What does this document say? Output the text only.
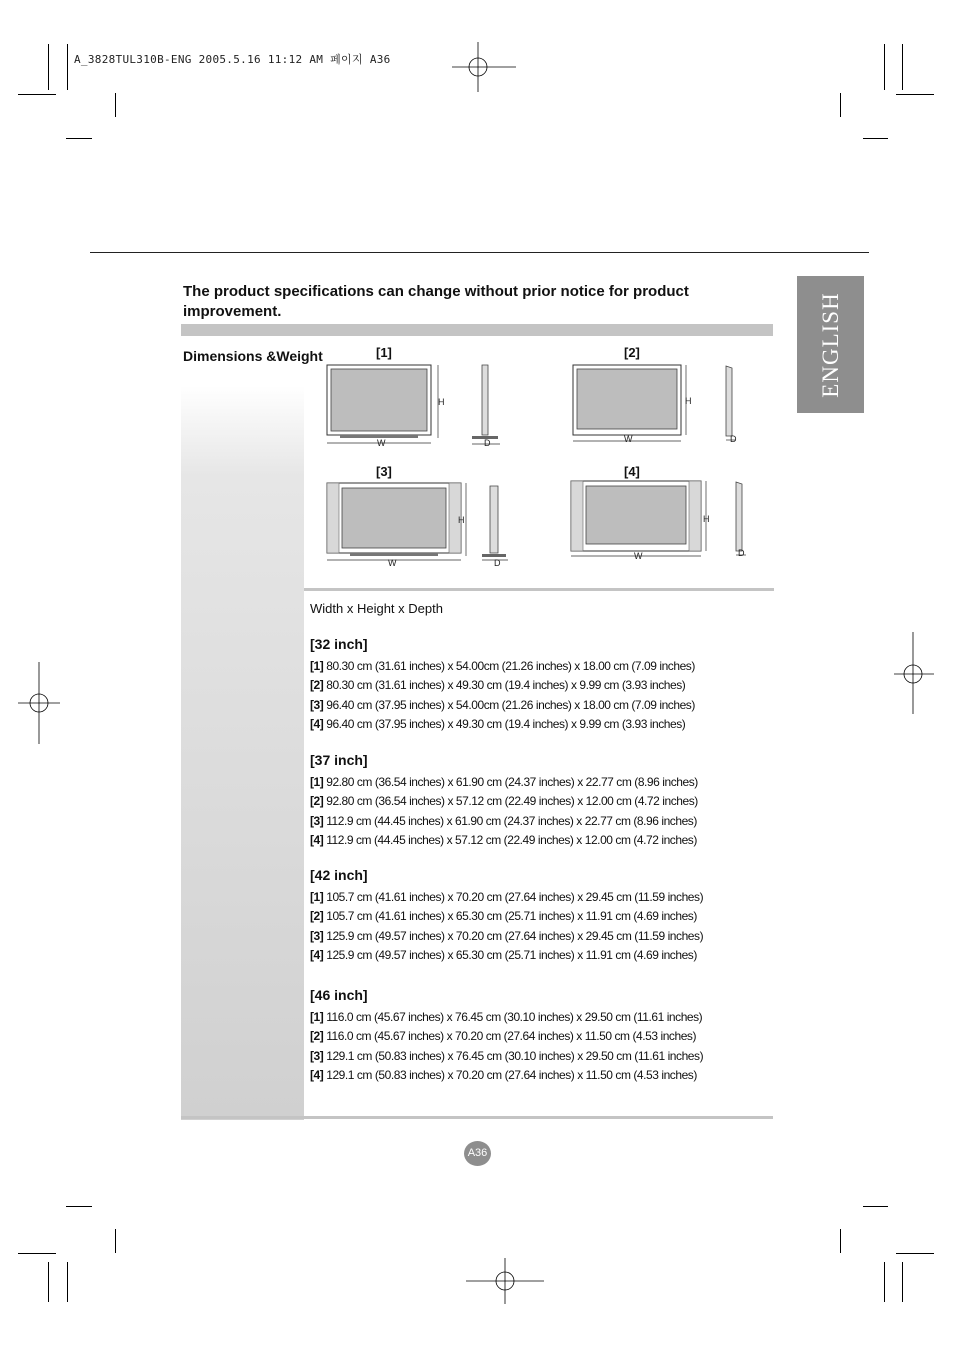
A_3828TUL310B-ENG 2005.5.16 11:12 AM 페이지 A36
ENGLISH
The product specifications can change without prior notice for product improvement.
Dimensions &Weight	[1]
H
W	D
[2]
H
W	D
[3]
H
W	D
[4]
H
W	D
Width x Height x Depth
[32 inch]
[1] 80.30 cm (31.61 inches) x 54.00cm (21.26 inches) x 18.00 cm (7.09 inches)
[2] 80.30 cm (31.61 inches) x 49.30 cm (19.4 inches) x 9.99 cm (3.93 inches)
[3] 96.40 cm (37.95 inches) x 54.00cm (21.26 inches) x 18.00 cm (7.09 inches)
[4] 96.40 cm (37.95 inches) x 49.30 cm (19.4 inches) x 9.99 cm (3.93 inches)
[37 inch]
[1] 92.80 cm (36.54 inches) x 61.90 cm (24.37 inches) x 22.77 cm (8.96 inches)
[2] 92.80 cm (36.54 inches) x 57.12 cm (22.49 inches) x 12.00 cm (4.72 inches)
[3] 112.9 cm (44.45 inches) x 61.90 cm (24.37 inches) x 22.77 cm (8.96 inches)
[4] 112.9 cm (44.45 inches) x 57.12 cm (22.49 inches) x 12.00 cm (4.72 inches)
[42 inch]
[1] 105.7 cm (41.61 inches) x 70.20 cm (27.64 inches) x 29.45 cm (11.59 inches)
[2] 105.7 cm (41.61 inches) x 65.30 cm (25.71 inches) x 11.91 cm (4.69 inches)
[3] 125.9 cm (49.57 inches) x 70.20 cm (27.64 inches) x 29.45 cm (11.59 inches)
[4] 125.9 cm (49.57 inches) x 65.30 cm (25.71 inches) x 11.91 cm (4.69 inches)
[46 inch]
[1] 116.0 cm (45.67 inches) x 76.45 cm (30.10 inches) x 29.50 cm (11.61 inches)
[2] 116.0 cm (45.67 inches) x 70.20 cm (27.64 inches) x 11.50 cm (4.53 inches)
[3] 129.1 cm (50.83 inches) x 76.45 cm (30.10 inches) x 29.50 cm (11.61 inches)
[4] 129.1 cm (50.83 inches) x 70.20 cm (27.64 inches) x 11.50 cm (4.53 inches)
A36
